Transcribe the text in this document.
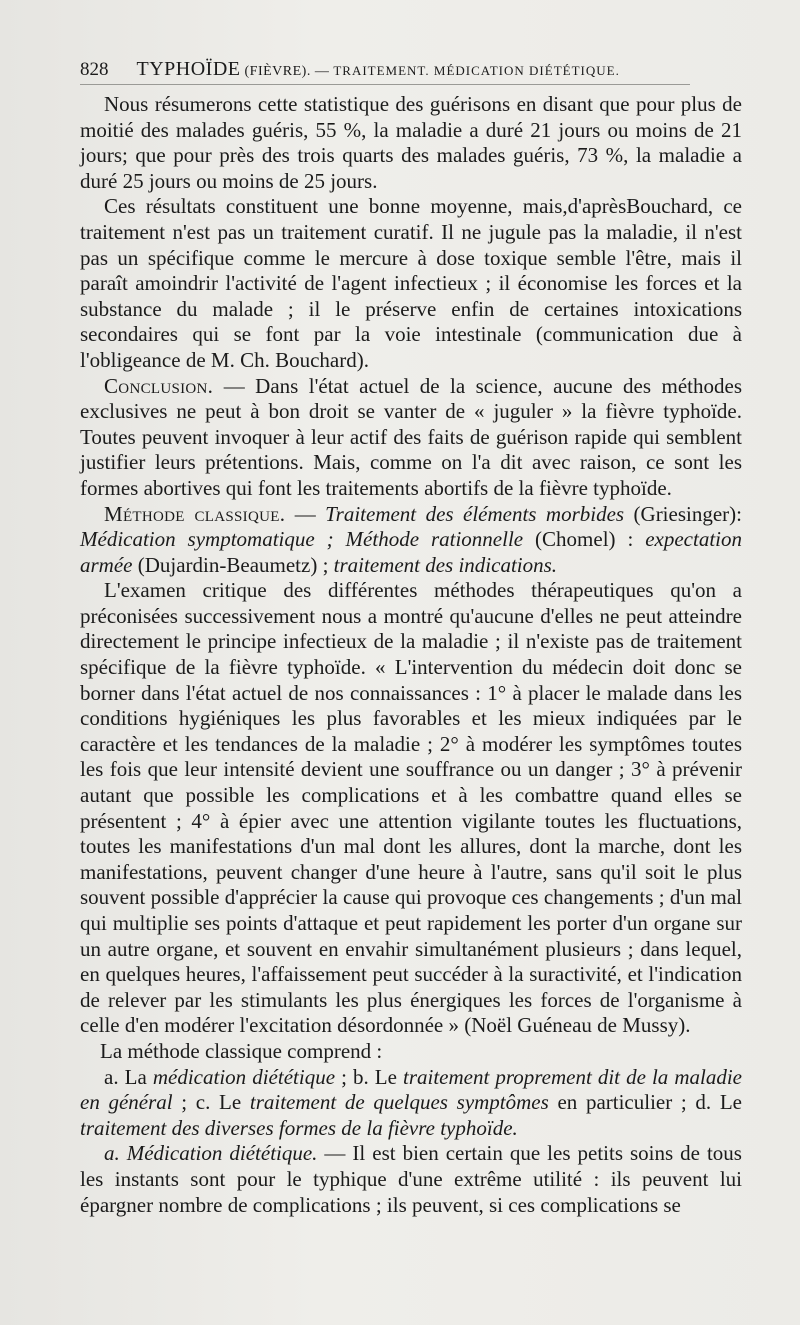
828 TYPHOÏDE (FIÈVRE). — TRAITEMENT. MÉDICATION DIÉTÉTIQUE.

Nous résumerons cette statistique des guérisons en disant que pour plus de moitié des malades guéris, 55 %, la maladie a duré 21 jours ou moins de 21 jours; que pour près des trois quarts des malades guéris, 73 %, la maladie a duré 25 jours ou moins de 25 jours.

Ces résultats constituent une bonne moyenne, mais,d'aprèsBouchard, ce traitement n'est pas un traitement curatif. Il ne jugule pas la maladie, il n'est pas un spécifique comme le mercure à dose toxique semble l'être, mais il paraît amoindrir l'activité de l'agent infectieux ; il économise les forces et la substance du malade ; il le préserve enfin de certaines intoxications secondaires qui se font par la voie intestinale (communication due à l'obligeance de M. Ch. Bouchard).

Conclusion. — Dans l'état actuel de la science, aucune des méthodes exclusives ne peut à bon droit se vanter de « juguler » la fièvre typhoïde. Toutes peuvent invoquer à leur actif des faits de guérison rapide qui semblent justifier leurs prétentions. Mais, comme on l'a dit avec raison, ce sont les formes abortives qui font les traitements abortifs de la fièvre typhoïde.

Méthode classique. — Traitement des éléments morbides (Griesinger): Médication symptomatique ; Méthode rationnelle (Chomel) : expectation armée (Dujardin-Beaumetz) ; traitement des indications.

L'examen critique des différentes méthodes thérapeutiques qu'on a préconisées successivement nous a montré qu'aucune d'elles ne peut atteindre directement le principe infectieux de la maladie ; il n'existe pas de traitement spécifique de la fièvre typhoïde. « L'intervention du médecin doit donc se borner dans l'état actuel de nos connaissances : 1° à placer le malade dans les conditions hygiéniques les plus favorables et les mieux indiquées par le caractère et les tendances de la maladie ; 2° à modérer les symptômes toutes les fois que leur intensité devient une souffrance ou un danger ; 3° à prévenir autant que possible les complications et à les combattre quand elles se présentent ; 4° à épier avec une attention vigilante toutes les fluctuations, toutes les manifestations d'un mal dont les allures, dont la marche, dont les manifestations, peuvent changer d'une heure à l'autre, sans qu'il soit le plus souvent possible d'apprécier la cause qui provoque ces changements ; d'un mal qui multiplie ses points d'attaque et peut rapidement les porter d'un organe sur un autre organe, et souvent en envahir simultanément plusieurs ; dans lequel, en quelques heures, l'affaissement peut succéder à la suractivité, et l'indication de relever par les stimulants les plus énergiques les forces de l'organisme à celle d'en modérer l'excitation désordonnée » (Noël Guéneau de Mussy).

La méthode classique comprend :

a. La médication diététique ; b. Le traitement proprement dit de la maladie en général ; c. Le traitement de quelques symptômes en particulier ; d. Le traitement des diverses formes de la fièvre typhoïde.

a. Médication diététique. — Il est bien certain que les petits soins de tous les instants sont pour le typhique d'une extrême utilité : ils peuvent lui épargner nombre de complications ; ils peuvent, si ces complications se
